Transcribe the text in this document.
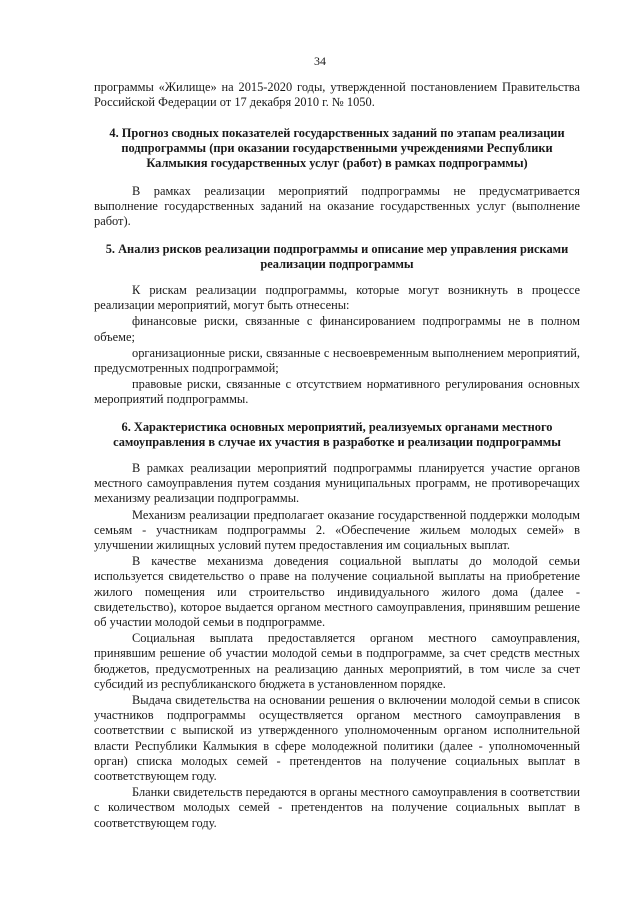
34

программы «Жилище» на 2015-2020 годы, утвержденной постановлением Правительства Российской Федерации от 17 декабря 2010 г. № 1050.

4. Прогноз сводных показателей государственных заданий по этапам реализации
подпрограммы (при оказании государственными учреждениями Республики
Калмыкия государственных услуг (работ) в рамках подпрограммы)

В рамках реализации мероприятий подпрограммы не предусматривается выполнение государственных заданий на оказание государственных услуг (выполнение работ).

5. Анализ рисков реализации подпрограммы и описание мер управления рисками
реализации подпрограммы

К рискам реализации подпрограммы, которые могут возникнуть в процессе реализации мероприятий, могут быть отнесены:

финансовые риски, связанные с финансированием подпрограммы не в полном объеме;

организационные риски, связанные с несвоевременным выполнением мероприятий, предусмотренных подпрограммой;

правовые риски, связанные с отсутствием нормативного регулирования основных мероприятий подпрограммы.

6. Характеристика основных мероприятий, реализуемых органами местного
самоуправления в случае их участия в разработке и реализации подпрограммы

В рамках реализации мероприятий подпрограммы планируется участие органов местного самоуправления путем создания муниципальных программ, не противоречащих механизму реализации подпрограммы.

Механизм реализации предполагает оказание государственной поддержки молодым семьям - участникам подпрограммы 2. «Обеспечение жильем молодых семей» в улучшении жилищных условий путем предоставления им социальных выплат.

В качестве механизма доведения социальной выплаты до молодой семьи используется свидетельство о праве на получение социальной выплаты на приобретение жилого помещения или строительство индивидуального жилого дома (далее - свидетельство), которое выдается органом местного самоуправления, принявшим решение об участии молодой семьи в подпрограмме.

Социальная выплата предоставляется органом местного самоуправления, принявшим решение об участии молодой семьи в подпрограмме, за счет средств местных бюджетов, предусмотренных на реализацию данных мероприятий, в том числе за счет субсидий из республиканского бюджета в установленном порядке.

Выдача свидетельства на основании решения о включении молодой семьи в список участников подпрограммы осуществляется органом местного самоуправления в соответствии с выпиской из утвержденного уполномоченным органом исполнительной власти Республики Калмыкия в сфере молодежной политики (далее - уполномоченный орган) списка молодых семей - претендентов на получение социальных выплат в соответствующем году.

Бланки свидетельств передаются в органы местного самоуправления в соответствии с количеством молодых семей - претендентов на получение социальных выплат в соответствующем году.
